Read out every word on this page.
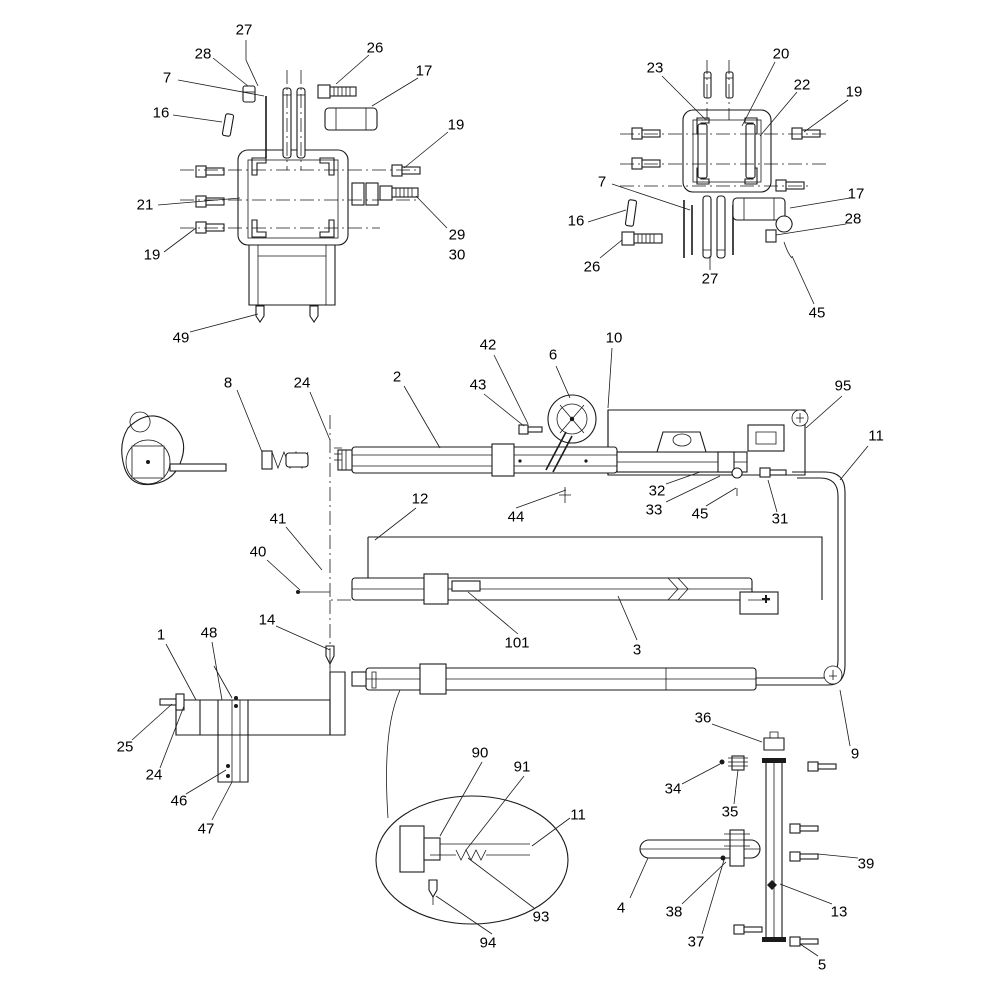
27
28	26
7	17
16
19
21
29
30
19
49
23
20
22 19
7
17
28
16
26
27
45
42	10
6
43
8	24	2
95
11
12	32
33 45	31
44
41
40
101	3
9
1 48
14
25
24
46
47
90
91
11
93
94
36
34
35
39
4	38	13
37
5
